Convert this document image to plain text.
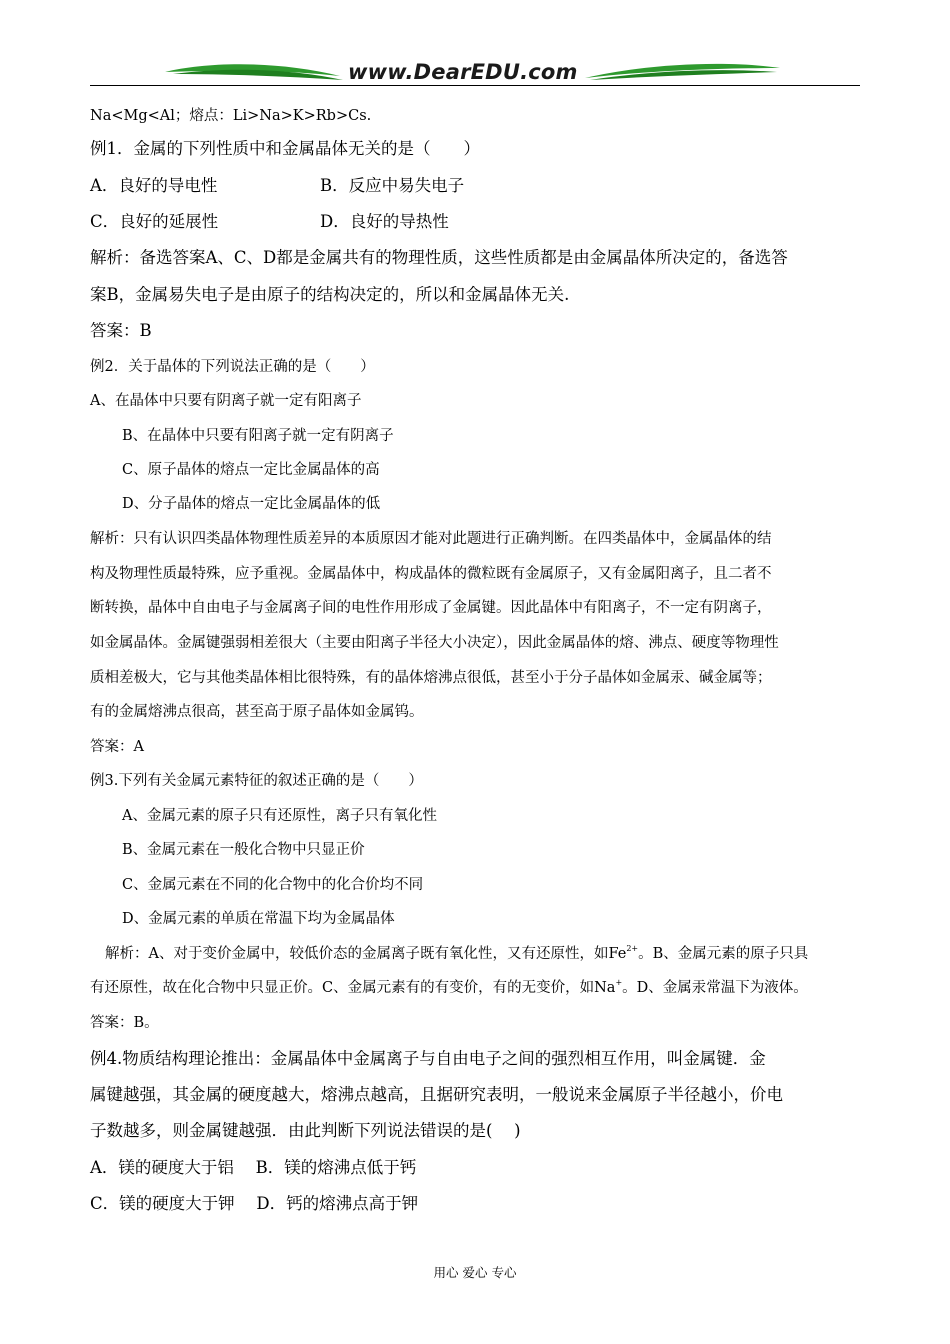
www.DearEDU.com
Na<Mg<Al；熔点：Li>Na>K>Rb>Cs.
例1．金属的下列性质中和金属晶体无关的是（　　）
A．良好的导电性	B．反应中易失电子
C．良好的延展性	D．良好的导热性
解析：备选答案A、C、D都是金属共有的物理性质，这些性质都是由金属晶体所决定的，备选答
案B，金属易失电子是由原子的结构决定的，所以和金属晶体无关.
答案：B
例2．关于晶体的下列说法正确的是（　　）
A、在晶体中只要有阴离子就一定有阳离子
B、在晶体中只要有阳离子就一定有阴离子
C、原子晶体的熔点一定比金属晶体的高
D、分子晶体的熔点一定比金属晶体的低
解析：只有认识四类晶体物理性质差异的本质原因才能对此题进行正确判断。在四类晶体中，金属晶体的结
构及物理性质最特殊，应予重视。金属晶体中，构成晶体的微粒既有金属原子，又有金属阳离子，且二者不
断转换，晶体中自由电子与金属离子间的电性作用形成了金属键。因此晶体中有阳离子，不一定有阴离子，
如金属晶体。金属键强弱相差很大（主要由阳离子半径大小决定），因此金属晶体的熔、沸点、硬度等物理性
质相差极大，它与其他类晶体相比很特殊，有的晶体熔沸点很低，甚至小于分子晶体如金属汞、碱金属等；
有的金属熔沸点很高，甚至高于原子晶体如金属钨。
答案：A
例3.下列有关金属元素特征的叙述正确的是（　　）
A、金属元素的原子只有还原性，离子只有氧化性
B、金属元素在一般化合物中只显正价
C、金属元素在不同的化合物中的化合价均不同
D、金属元素的单质在常温下均为金属晶体
解析：A、对于变价金属中，较低价态的金属离子既有氧化性，又有还原性，如$Fe^{2+}$。B、金属元素的原子只具
有还原性，故在化合物中只显正价。C、金属元素有的有变价，有的无变价，如Na+。D、金属汞常温下为液体。
答案：B。
例4.物质结构理论推出：金属晶体中金属离子与自由电子之间的强烈相互作用，叫金属键．金
属键越强，其金属的硬度越大，熔沸点越高，且据研究表明，一般说来金属原子半径越小，价电
子数越多，则金属键越强．由此判断下列说法错误的是(　 )
A．镁的硬度大于铝　 B．镁的熔沸点低于钙
C．镁的硬度大于钾　 D．钙的熔沸点高于钾
用心 爱心 专心
